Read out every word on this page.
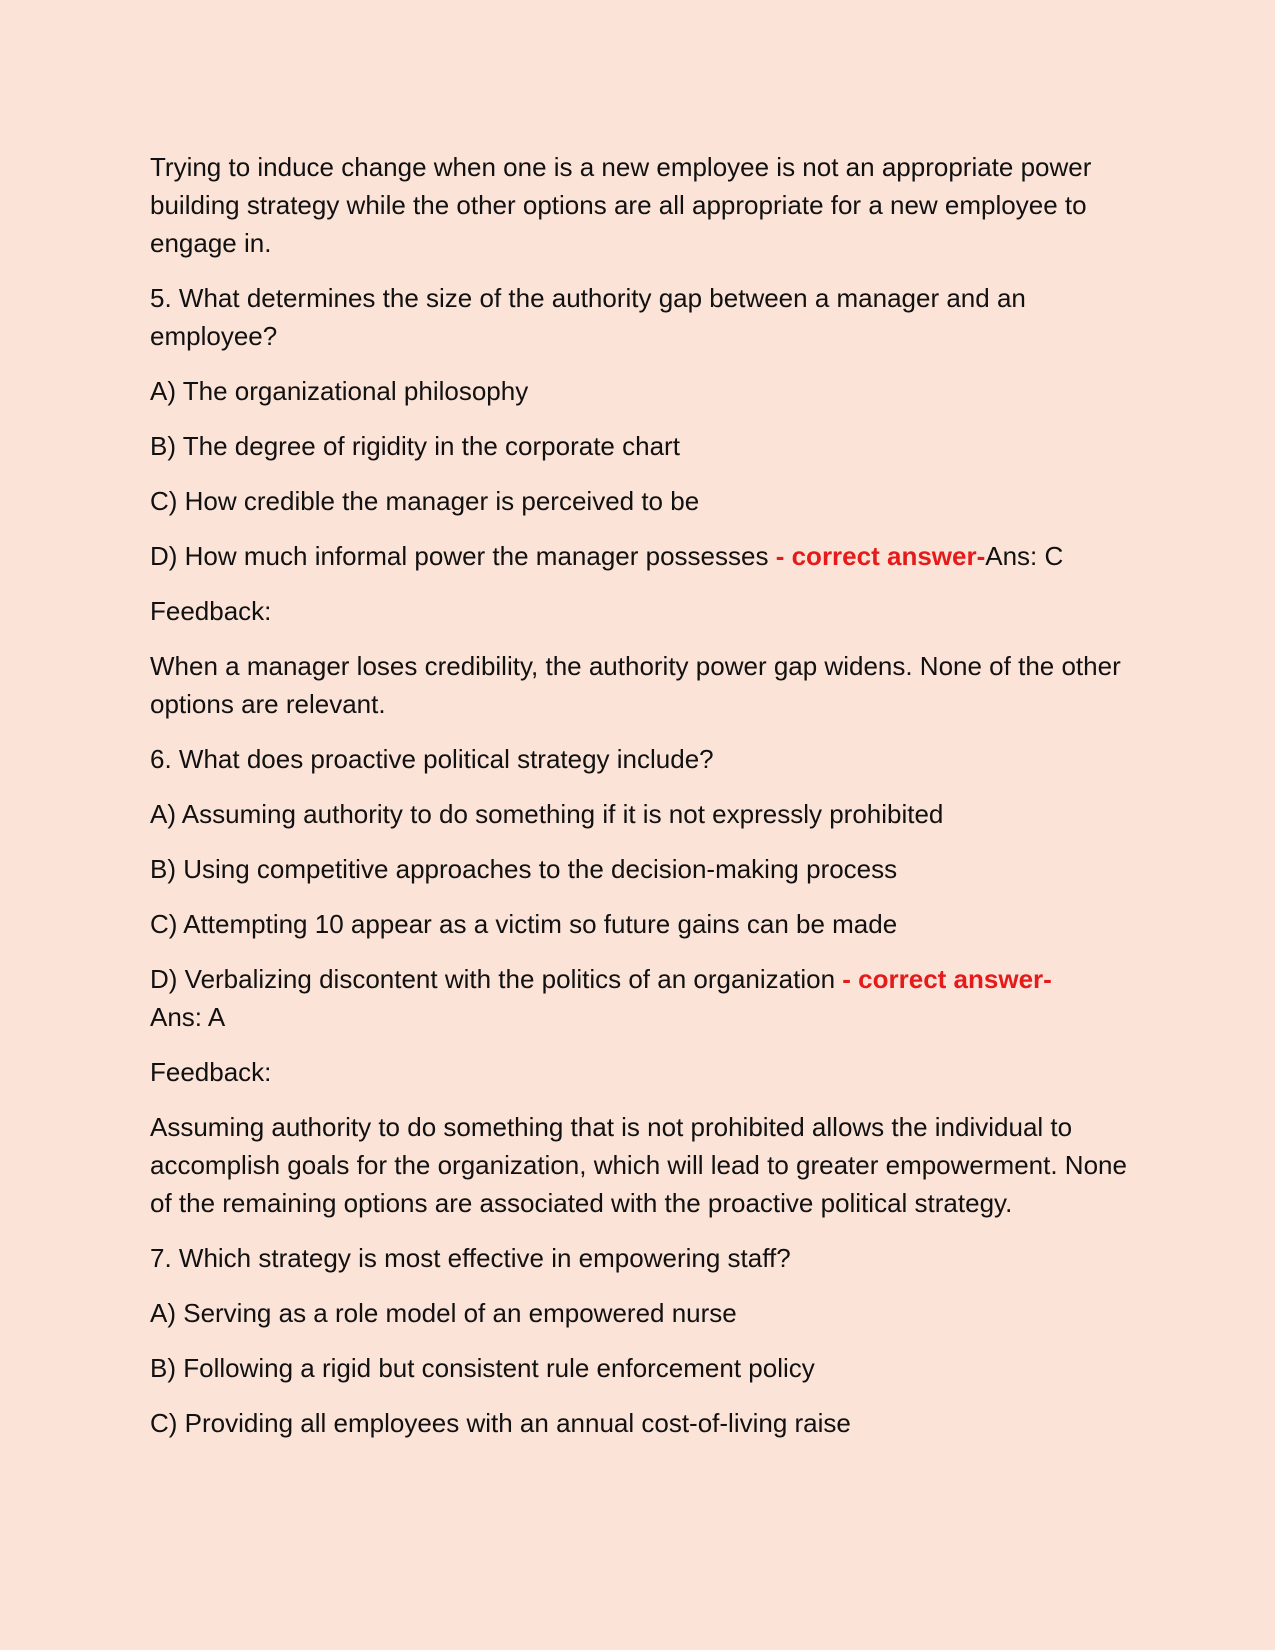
Trying to induce change when one is a new employee is not an appropriate power building strategy while the other options are all appropriate for a new employee to engage in.

5. What determines the size of the authority gap between a manager and an employee?

A) The organizational philosophy

B) The degree of rigidity in the corporate chart

C) How credible the manager is perceived to be

D) How much informal power the manager possesses - correct answer-Ans: C

Feedback:

When a manager loses credibility, the authority power gap widens. None of the other options are relevant.

6. What does proactive political strategy include?

A) Assuming authority to do something if it is not expressly prohibited

B) Using competitive approaches to the decision-making process

C) Attempting 10 appear as a victim so future gains can be made

D) Verbalizing discontent with the politics of an organization - correct answer-
Ans: A

Feedback:

Assuming authority to do something that is not prohibited allows the individual to accomplish goals for the organization, which will lead to greater empowerment. None of the remaining options are associated with the proactive political strategy.

7. Which strategy is most effective in empowering staff?

A) Serving as a role model of an empowered nurse

B) Following a rigid but consistent rule enforcement policy

C) Providing all employees with an annual cost-of-living raise
